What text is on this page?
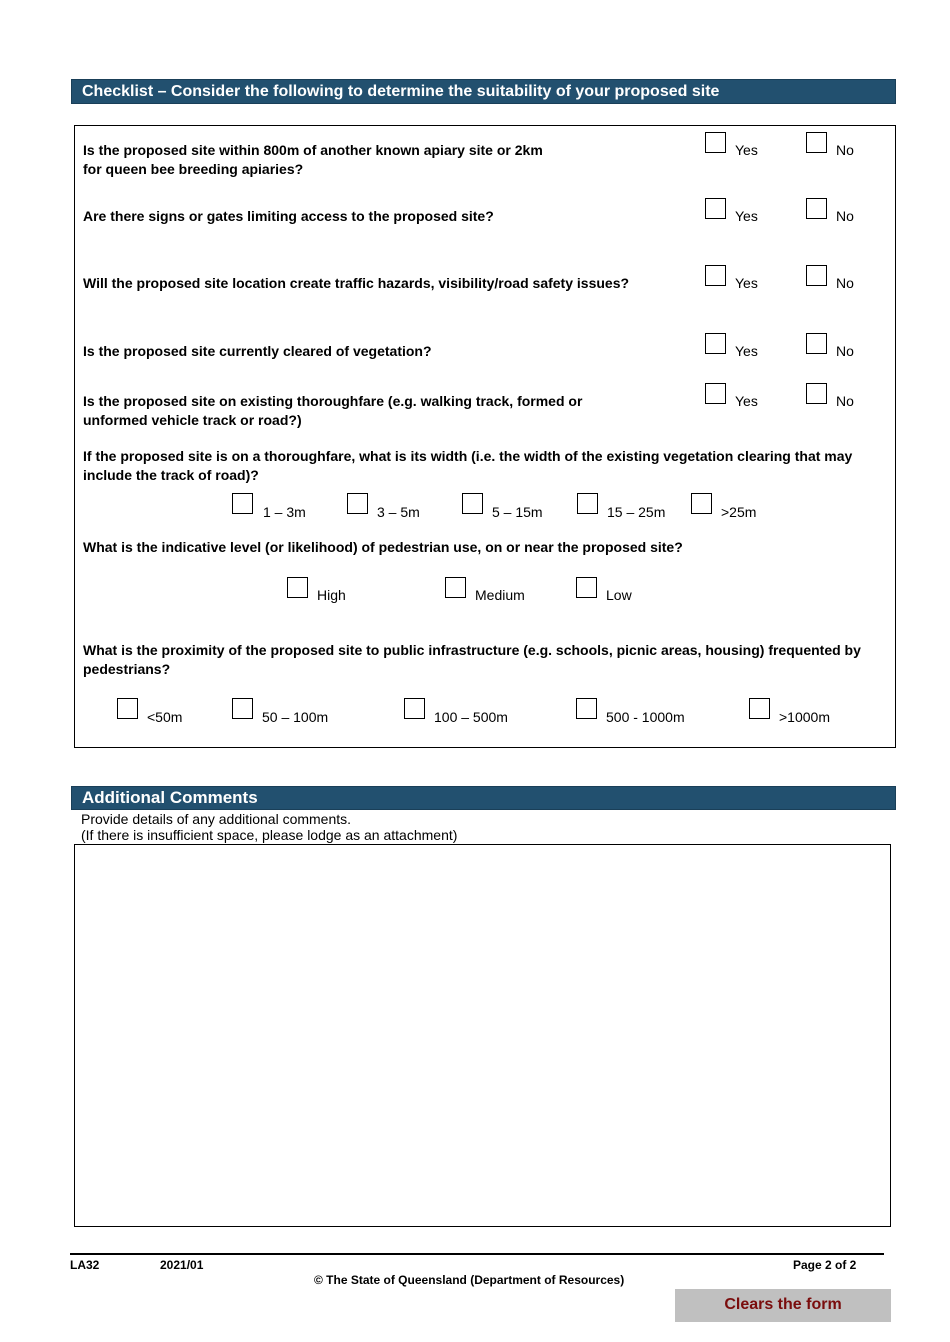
Checklist – Consider the following to determine the suitability of your proposed site
Is the proposed site within 800m of another known apiary site or 2km
for queen bee breeding apiaries?
Yes	No
Are there signs or gates limiting access to the proposed site?	Yes	No
Will the proposed site location create traffic hazards, visibility/road safety issues?	Yes	No
Is the proposed site currently cleared of vegetation?	Yes	No
Is the proposed site on existing thoroughfare (e.g. walking track, formed or
unformed vehicle track or road?)
Yes	No
If the proposed site is on a thoroughfare, what is its width (i.e. the width of the existing vegetation clearing that may
include the track of road)?
1 – 3m	3 – 5m	5 – 15m	15 – 25m	>25m
What is the indicative level (or likelihood) of pedestrian use, on or near the proposed site?
High	Medium	Low
What is the proximity of the proposed site to public infrastructure (e.g. schools, picnic areas, housing) frequented by
pedestrians?
<50m	50 – 100m	100 – 500m	500 - 1000m	>1000m
Additional Comments
Provide details of any additional comments.
(If there is insufficient space, please lodge as an attachment)
LA32	2021/01	Page 2 of 2
© The State of Queensland (Department of Resources)
Clears the form
